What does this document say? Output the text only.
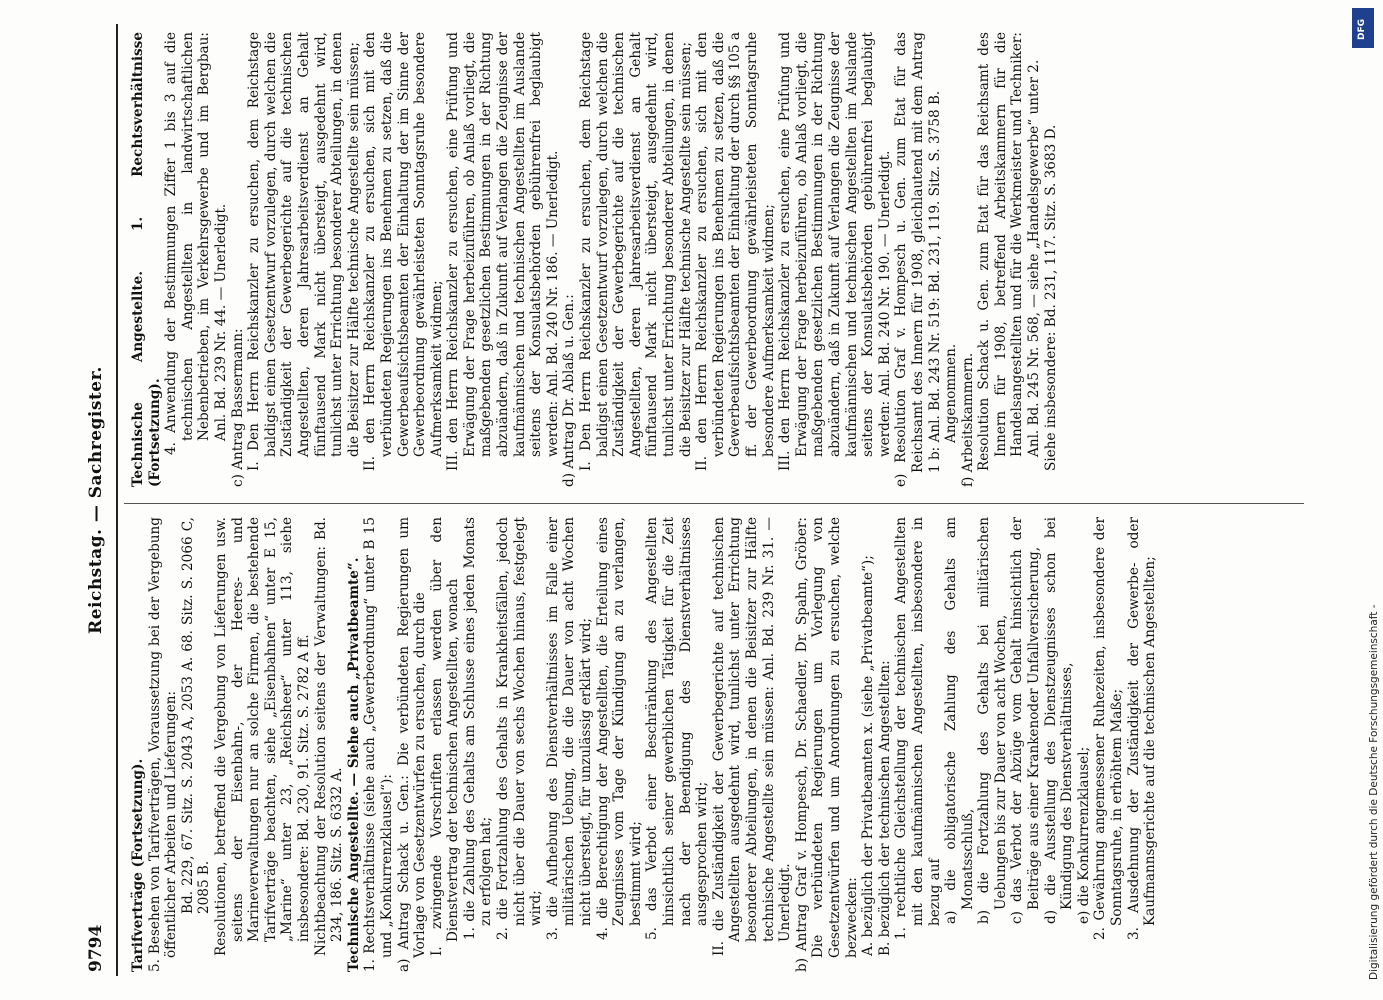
9794
Reichstag. — Sachregister.

Tarifverträge (Fortsetzung). 5. Besehen von Tarifverträgen, Voraussetzung bei der Vergebung öffentlicher Arbeiten und Lieferungen: Bd. 229, 67. Sitz. S. 2043 A, 2053 A. 68. Sitz. S. 2066 C, 2085 B. Resolutionen, betreffend die Vergebung von Lieferungen usw. seitens der Eisenbahn-, der Heeres- und Marineverwaltungen nur an solche Firmen, die bestehende Tarifverträge beachten, siehe „Eisenbahnen“ unter E 15, „Marine“ unter 23, „Reichsheer“ unter 113, siehe insbesondere: Bd. 230, 91. Sitz. S. 2782 A ff. Nichtbeachtung der Resolution seitens der Verwaltungen: Bd. 234, 186. Sitz. S. 6332 A. Technische Angestellte. — Siehe auch „Privatbeamte“. 1. Rechtsverhältnisse (siehe auch „Gewerbeordnung“ unter B 15 und „Konkurrenzklausel“): a) Antrag Schack u. Gen.: Die verbündeten Regierungen um Vorlage von Gesetzentwürfen zu ersuchen, durch die I. zwingende Vorschriften erlassen werden über den Dienstvertrag der technischen Angestellten, wonach 1. die Zahlung des Gehalts am Schlusse eines jeden Monats zu erfolgen hat; 2. die Fortzahlung des Gehalts in Krankheitsfällen, jedoch nicht über die Dauer von sechs Wochen hinaus, festgelegt wird; 3. die Aufhebung des Dienstverhältnisses im Falle einer militärischen Uebung, die die Dauer von acht Wochen nicht übersteigt, für unzulässig erklärt wird; 4. die Berechtigung der Angestellten, die Erteilung eines Zeugnisses vom Tage der Kündigung an zu verlangen, bestimmt wird; 5. das Verbot einer Beschränkung des Angestellten hinsichtlich seiner gewerblichen Tätigkeit für die Zeit nach der Beendigung des Dienstverhältnisses ausgesprochen wird; II. die Zuständigkeit der Gewerbegerichte auf technischen Angestellten ausgedehnt wird, tunlichst unter Errichtung besonderer Abteilungen, in denen die Beisitzer zur Hälfte technische Angestellte sein müssen: Anl. Bd. 239 Nr. 31. — Unerledigt. b) Antrag Graf v. Hompesch, Dr. Schaedler, Dr. Spahn, Gröber: Die verbündeten Regierungen um Vorlegung von Gesetzentwürfen und um Anordnungen zu ersuchen, welche bezwecken: A. bezüglich der Privatbeamten x. (siehe „Privatbeamte“); B. bezüglich der technischen Angestellten: 1. rechtliche Gleichstellung der technischen Angestellten mit den kaufmännischen Angestellten, insbesondere in bezug auf a) die obligatorische Zahlung des Gehalts am Monatsschluß, b) die Fortzahlung des Gehalts bei militärischen Uebungen bis zur Dauer von acht Wochen, c) das Verbot der Abzüge vom Gehalt hinsichtlich der Beiträge aus einer Krankenoder Unfallversicherung, d) die Ausstellung des Dienstzeugnisses schon bei Kündigung des Dienstverhältnisses, e) die Konkurrenzklausel; 2. Gewährung angemessener Ruhezeiten, insbesondere der Sonntagsruhe, in erhöhtem Maße; 3. Ausdehnung der Zuständigkeit der Gewerbe- oder Kaufmannsgerichte auf die technischen Angestellten;

Technische Angestellte. 1. Rechtsverhältnisse (Fortsetzung). 4. Anwendung der Bestimmungen Ziffer 1 bis 3 auf die technischen Angestellten in landwirtschaftlichen Nebenbetrieben, im Verkehrsgewerbe und im Bergbau: Anl. Bd. 239 Nr. 44. — Unerledigt. c) Antrag Bassermann: I. Den Herrn Reichskanzler zu ersuchen, dem Reichstage baldigst einen Gesetzentwurf vorzulegen, durch welchen die Zuständigkeit der Gewerbegerichte auf die technischen Angestellten, deren Jahresarbeitsverdienst an Gehalt fünftausend Mark nicht übersteigt, ausgedehnt wird, tunlichst unter Errichtung besonderer Abteilungen, in denen die Beisitzer zur Hälfte technische Angestellte sein müssen; II. den Herrn Reichskanzler zu ersuchen, sich mit den verbündeten Regierungen ins Benehmen zu setzen, daß die Gewerbeaufsichtsbeamten der Einhaltung der im Sinne der Gewerbeordnung gewährleisteten Sonntagsruhe besondere Aufmerksamkeit widmen; III. den Herrn Reichskanzler zu ersuchen, eine Prüfung und Erwägung der Frage herbeizuführen, ob Anlaß vorliegt, die maßgebenden gesetzlichen Bestimmungen in der Richtung abzuändern, daß in Zukunft auf Verlangen die Zeugnisse der kaufmännischen und technischen Angestellten im Auslande seitens der Konsulatsbehörden gebührenfrei beglaubigt werden: Anl. Bd. 240 Nr. 186. — Unerledigt. d) Antrag Dr. Ablaß u. Gen.: I. Den Herrn Reichskanzler zu ersuchen, dem Reichstage baldigst einen Gesetzentwurf vorzulegen, durch welchen die Zuständigkeit der Gewerbegerichte auf die technischen Angestellten, deren Jahresarbeitsverdienst an Gehalt fünftausend Mark nicht übersteigt, ausgedehnt wird, tunlichst unter Errichtung besonderer Abteilungen, in denen die Beisitzer zur Hälfte technische Angestellte sein müssen; II. den Herrn Reichskanzler zu ersuchen, sich mit den verbündeten Regierungen ins Benehmen zu setzen, daß die Gewerbeaufsichtsbeamten der Einhaltung der durch §§ 105 a ff. der Gewerbeordnung gewährleisteten Sonntagsruhe besondere Aufmerksamkeit widmen; III. den Herrn Reichskanzler zu ersuchen, eine Prüfung und Erwägung der Frage herbeizuführen, ob Anlaß vorliegt, die maßgebenden gesetzlichen Bestimmungen in der Richtung abzuändern, daß in Zukunft auf Verlangen die Zeugnisse der kaufmännischen und technischen Angestellten im Auslande seitens der Konsulatsbehörden gebührenfrei beglaubigt werden: Anl. Bd. 240 Nr. 190. — Unerledigt. e) Resolution Graf v. Hompesch u. Gen. zum Etat für das Reichsamt des Innern für 1908, gleichlautend mit dem Antrag 1 b: Anl. Bd. 243 Nr. 519: Bd. 231, 119. Sitz. S. 3758 B. Angenommen. f) Arbeitskammern. Resolution Schack u. Gen. zum Etat für das Reichsamt des Innern für 1908, betreffend Arbeitskammern für die Handelsangestellten und für die Werkmeister und Techniker: Anl. Bd. 245 Nr. 568, — siehe „Handelsgewerbe“ unter 2. Siehe insbesondere: Bd. 231, 117. Sitz. S. 3683 D.

DFG
Digitalisierung gefördert durch die Deutsche Forschungsgemeinschaft -
